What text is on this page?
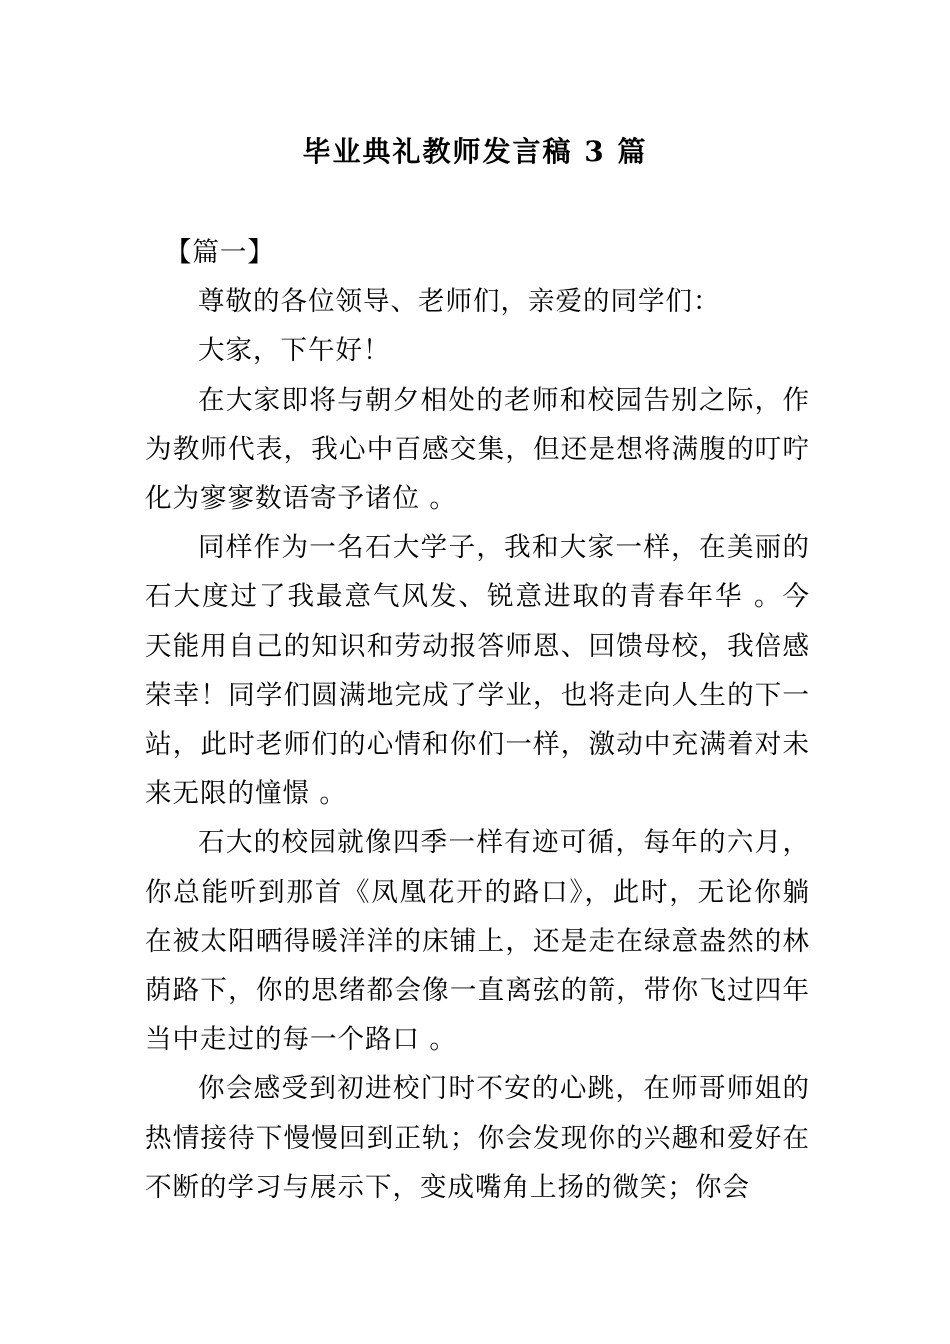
毕业典礼教师发言稿 3 篇

【篇一】

尊敬的各位领导、老师们，亲爱的同学们：

大家，下午好！

在大家即将与朝夕相处的老师和校园告别之际，作为教师代表，我心中百感交集，但还是想将满腹的叮咛化为寥寥数语寄予诸位 。

同样作为一名石大学子，我和大家一样，在美丽的石大度过了我最意气风发、锐意进取的青春年华 。今天能用自己的知识和劳动报答师恩、回馈母校，我倍感荣幸！同学们圆满地完成了学业，也将走向人生的下一站，此时老师们的心情和你们一样，激动中充满着对未来无限的憧憬 。

石大的校园就像四季一样有迹可循，每年的六月，你总能听到那首《凤凰花开的路口》，此时，无论你躺在被太阳晒得暖洋洋的床铺上，还是走在绿意盎然的林荫路下，你的思绪都会像一直离弦的箭，带你飞过四年当中走过的每一个路口 。

你会感受到初进校门时不安的心跳，在师哥师姐的热情接待下慢慢回到正轨；你会发现你的兴趣和爱好在不断的学习与展示下，变成嘴角上扬的微笑；你会
